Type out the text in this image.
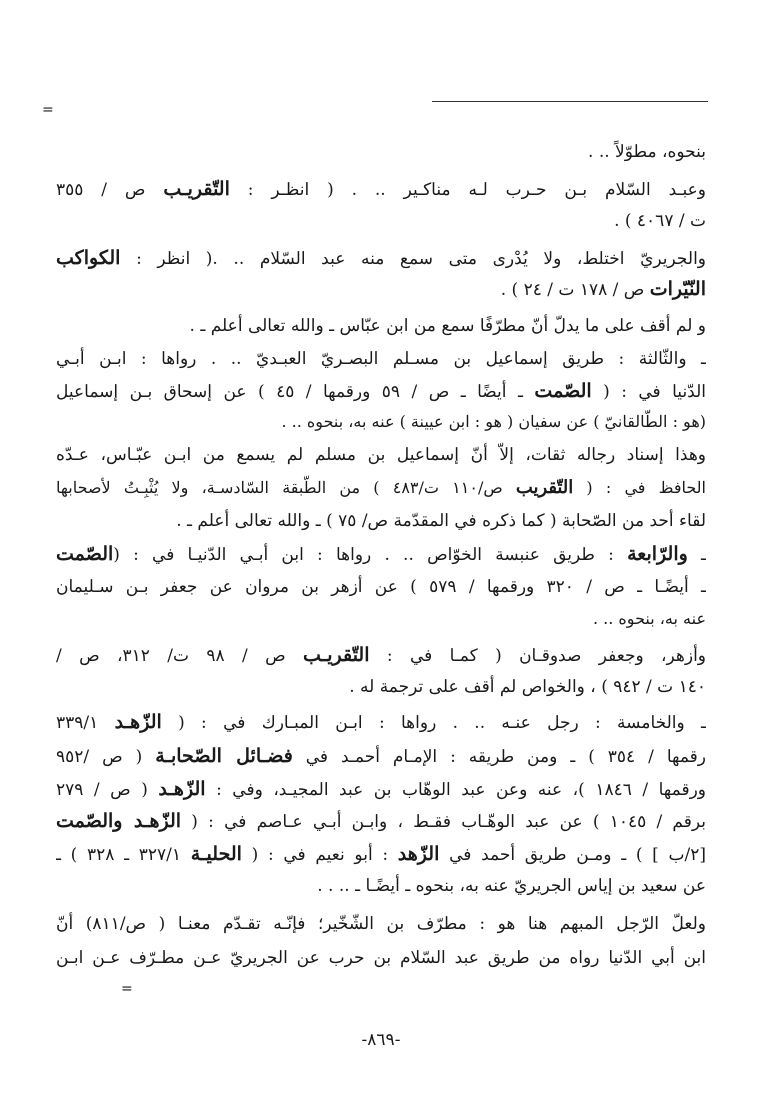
=
بنحوه، مطوّلاً .. .
وعبـد السّلام بـن حـرب لـه مناكـير .. . ( انظـر : التّقريـب ص / ٣٥٥
ت / ٤٠٦٧ ) .
والجريريّ اختلط، ولا يُدْرى متى سمع منه عبد السّلام .. .( انظر : الكواكب
النّيّرات ص / ١٧٨ ت / ٢٤ ) .
و لم أقف على ما يدلّ أنّ مطرّفًا سمع من ابن عبّاس ـ والله تعالى أعلم ـ .
ـ والثّالثة : طريق إسماعيل بن مسـلم البصـريّ العبـديّ .. . رواها : ابـن أبـي
الدّنيا في : ( الصّمت ـ أيضًا ـ ص / ٥٩ ورقمها / ٤٥ ) عن إسحاق بـن إسماعيل
(هو : الطّالقانيّ ) عن سفيان ( هو : ابن عيينة ) عنه به، بنحوه .. .
وهذا إسناد رجاله ثقات، إلاّ أنّ إسماعيل بن مسلم لم يسمع من ابـن عبّـاس، عـدّه
الحافظ في : ( التّقريب ص/١١٠ ت/٤٨٣ ) من الطّبقة السّادسـة، ولا يُثْبِـتُ لأصحابها
لقاء أحد من الصّحابة ( كما ذكره في المقدّمة ص/ ٧٥ ) ـ والله تعالى أعلم ـ .
ـ والرّابعة : طريق عنبسة الخوّاص .. . رواها : ابن أبـي الدّنيـا في : (الصّمت
ـ أيضًـا ـ ص / ٣٢٠ ورقمها / ٥٧٩ ) عن أزهر بن مروان عن جعفر بـن سـليمان
عنه به، بنحوه .. .
وأزهر، وجعفر صدوقـان ( كمـا في : التّقريـب ص / ٩٨ ت/ ٣١٢، ص /
١٤٠ ت / ٩٤٢ ) ، والخواص لم أقف على ترجمة له .
ـ والخامسة : رجل عنـه .. . رواها : ابـن المبـارك في : ( الزّهـد ٣٣٩/١
رقمها / ٣٥٤ ) ـ ومن طريقه : الإمـام أحمـد في فضـائل الصّحابـة ( ص /٩٥٢
ورقمها / ١٨٤٦ )، عنه وعن عبد الوهّاب بن عبد المجيـد، وفي : الزّهـد ( ص / ٢٧٩
برقم / ١٠٤٥ ) عن عبد الوهّـاب فقـط ، وابـن أبـي عـاصم في : ( الزّهـد والصّمت
[٢/ب ] ) ـ ومـن طريق أحمد في الزّهد : أبو نعيم في : ( الحليـة ٣٢٧/١ ـ ٣٢٨ ) ـ
عن سعيد بن إياس الجريريّ عنه به، بنحوه ـ أيضًـا ـ .. . .
ولعلّ الرّجل المبهم هنا هو : مطرّف بن الشّخّير؛ فإنّـه تقـدّم معنـا ( ص/٨١١) أنّ
ابن أبي الدّنيا رواه من طريق عبد السّلام بن حرب عن الجريريّ عـن مطـرّف عـن ابـن
=
-٨٦٩-
